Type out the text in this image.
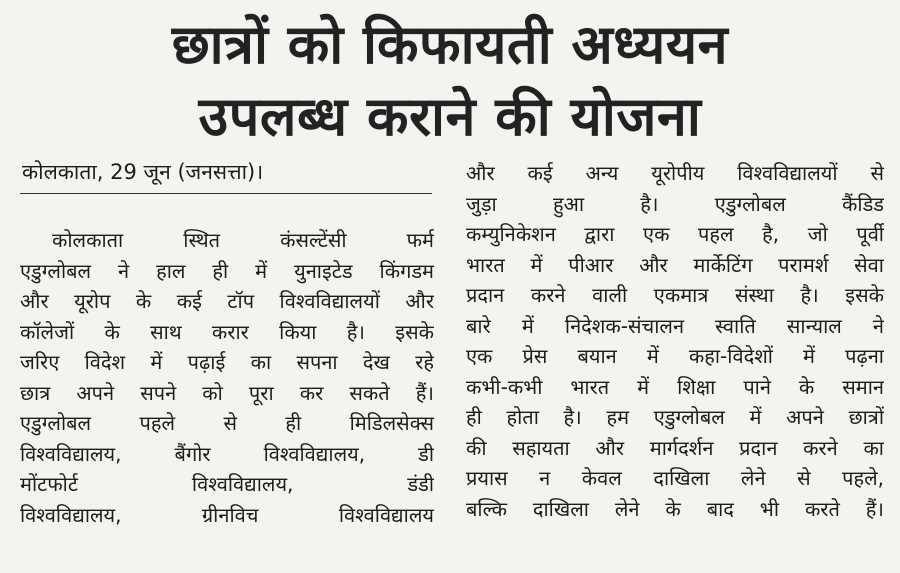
छात्रों को किफायती अध्ययन
उपलब्ध कराने की योजना
कोलकाता, 29 जून (जनसत्ता)।
कोलकाता स्थित कंसल्टेंसी फर्म
एडुग्लोबल ने हाल ही में युनाइटेड किंगडम
और यूरोप के कई टॉप विश्वविद्यालयों और
कॉलेजों के साथ करार किया है। इसके
जरिए विदेश में पढ़ाई का सपना देख रहे
छात्र अपने सपने को पूरा कर सकते हैं।
एडुग्लोबल पहले से ही मिडिलसेक्स
विश्वविद्यालय, बैंगोर विश्वविद्यालय, डी
मोंटफोर्ट विश्वविद्यालय, डंडी
विश्वविद्यालय, ग्रीनविच विश्वविद्यालय
और कई अन्य यूरोपीय विश्वविद्यालयों से
जुड़ा हुआ है। एडुग्लोबल कैंडिड
कम्युनिकेशन द्वारा एक पहल है, जो पूर्वी
भारत में पीआर और मार्केटिंग परामर्श सेवा
प्रदान करने वाली एकमात्र संस्था है। इसके
बारे में निदेशक-संचालन स्वाति सान्याल ने
एक प्रेस बयान में कहा-विदेशों में पढ़ना
कभी-कभी भारत में शिक्षा पाने के समान
ही होता है। हम एडुग्लोबल में अपने छात्रों
की सहायता और मार्गदर्शन प्रदान करने का
प्रयास न केवल दाखिला लेने से पहले,
बल्कि दाखिला लेने के बाद भी करते हैं।
